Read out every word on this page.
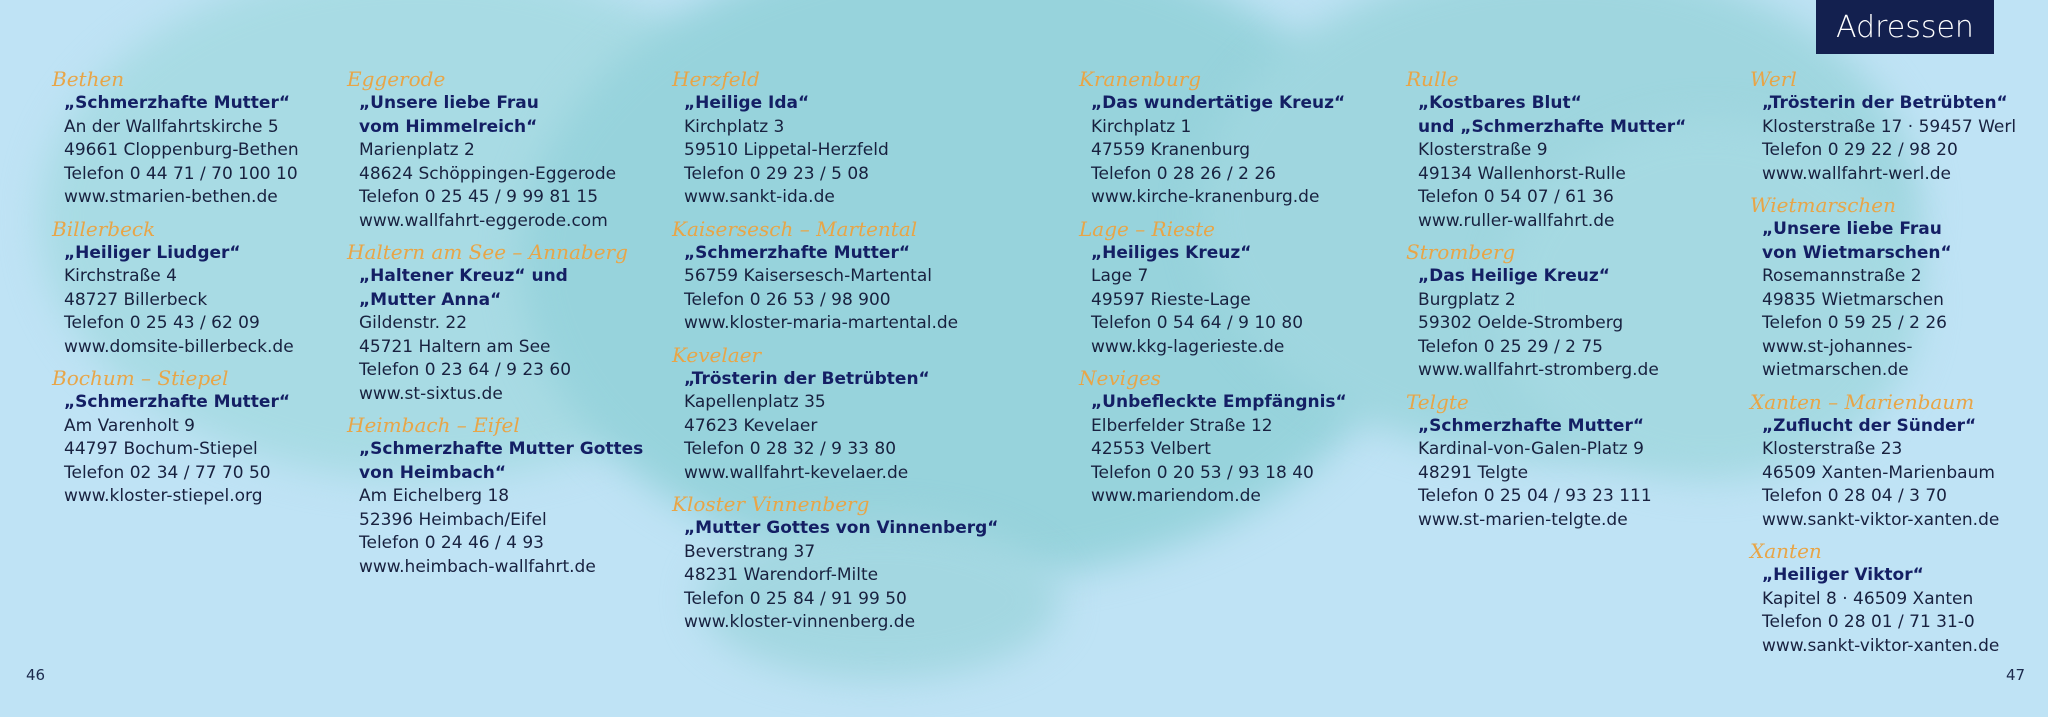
Adressen
46	47
Bethen
„Schmerzhafte Mutter“
An der Wallfahrtskirche 5
49661 Cloppenburg-Bethen
Telefon 0 44 71 / 70 100 10
www.stmarien-bethen.de
Billerbeck
„Heiliger Liudger“
Kirchstraße 4
48727 Billerbeck
Telefon 0 25 43 / 62 09
www.domsite-billerbeck.de
Bochum – Stiepel
„Schmerzhafte Mutter“
Am Varenholt 9
44797 Bochum-Stiepel
Telefon 02 34 / 77 70 50
www.kloster-stiepel.org
Eggerode
„Unsere liebe Frau
vom Himmelreich“
Marienplatz 2
48624 Schöppingen-Eggerode
Telefon 0 25 45 / 9 99 81 15
www.wallfahrt-eggerode.com
Haltern am See – Annaberg
„Haltener Kreuz“ und
„Mutter Anna“
Gildenstr. 22
45721 Haltern am See
Telefon 0 23 64 / 9 23 60
www.st-sixtus.de
Heimbach – Eifel
„Schmerzhafte Mutter Gottes
von Heimbach“
Am Eichelberg 18
52396 Heimbach/Eifel
Telefon 0 24 46 / 4 93
www.heimbach-wallfahrt.de
Herzfeld
„Heilige Ida“
Kirchplatz 3
59510 Lippetal-Herzfeld
Telefon 0 29 23 / 5 08
www.sankt-ida.de
Kaisersesch – Martental
„Schmerzhafte Mutter“
56759 Kaisersesch-Martental
Telefon 0 26 53 / 98 900
www.kloster-maria-martental.de
Kevelaer
„Trösterin der Betrübten“
Kapellenplatz 35
47623 Kevelaer
Telefon 0 28 32 / 9 33 80
www.wallfahrt-kevelaer.de
Kloster Vinnenberg
„Mutter Gottes von Vinnenberg“
Beverstrang 37
48231 Warendorf-Milte
Telefon 0 25 84 / 91 99 50
www.kloster-vinnenberg.de
Kranenburg
„Das wundertätige Kreuz“
Kirchplatz 1
47559 Kranenburg
Telefon 0 28 26 / 2 26
www.kirche-kranenburg.de
Lage – Rieste
„Heiliges Kreuz“
Lage 7
49597 Rieste-Lage
Telefon 0 54 64 / 9 10 80
www.kkg-lagerieste.de
Neviges
„Unbefleckte Empfängnis“
Elberfelder Straße 12
42553 Velbert
Telefon 0 20 53 / 93 18 40
www.mariendom.de
Rulle
„Kostbares Blut“
und „Schmerzhafte Mutter“
Klosterstraße 9
49134 Wallenhorst-Rulle
Telefon 0 54 07 / 61 36
www.ruller-wallfahrt.de
Stromberg
„Das Heilige Kreuz“
Burgplatz 2
59302 Oelde-Stromberg
Telefon 0 25 29 / 2 75
www.wallfahrt-stromberg.de
Telgte
„Schmerzhafte Mutter“
Kardinal-von-Galen-Platz 9
48291 Telgte
Telefon 0 25 04 / 93 23 111
www.st-marien-telgte.de
Werl
„Trösterin der Betrübten“
Klosterstraße 17 · 59457 Werl
Telefon 0 29 22 / 98 20
www.wallfahrt-werl.de
Wietmarschen
„Unsere liebe Frau
von Wietmarschen“
Rosemannstraße 2
49835 Wietmarschen
Telefon 0 59 25 / 2 26
www.st-johannes-
wietmarschen.de
Xanten – Marienbaum
„Zuflucht der Sünder“
Klosterstraße 23
46509 Xanten-Marienbaum
Telefon 0 28 04 / 3 70
www.sankt-viktor-xanten.de
Xanten
„Heiliger Viktor“
Kapitel 8 · 46509 Xanten
Telefon 0 28 01 / 71 31-0
www.sankt-viktor-xanten.de
